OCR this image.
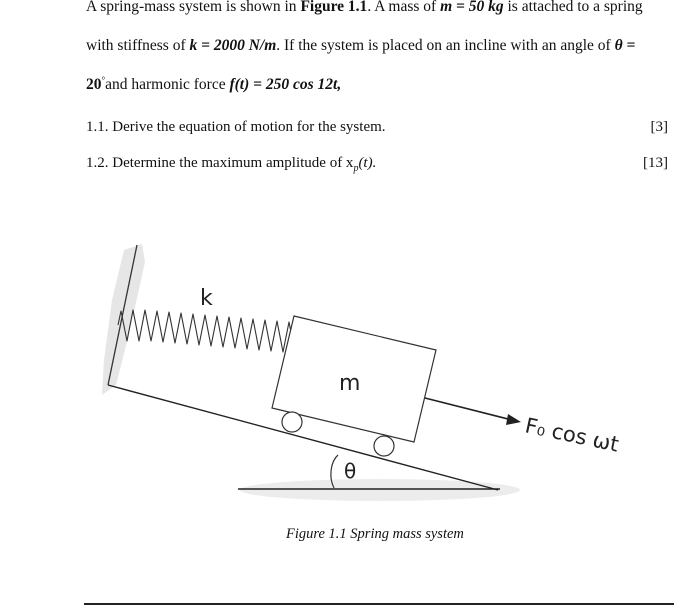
A spring-mass system is shown in Figure 1.1. A mass of m = 50 kg is attached to a spring
with stiffness of k = 2000 N/m. If the system is placed on an incline with an angle of θ =
20°and harmonic force f(t) = 250 cos 12t,
1.1. Derive the equation of motion for the system.	[3]
1.2. Determine the maximum amplitude of $x_p(t)$.	[13]
k
m
θ
F₀ cos ωt
Figure 1.1 Spring mass system
